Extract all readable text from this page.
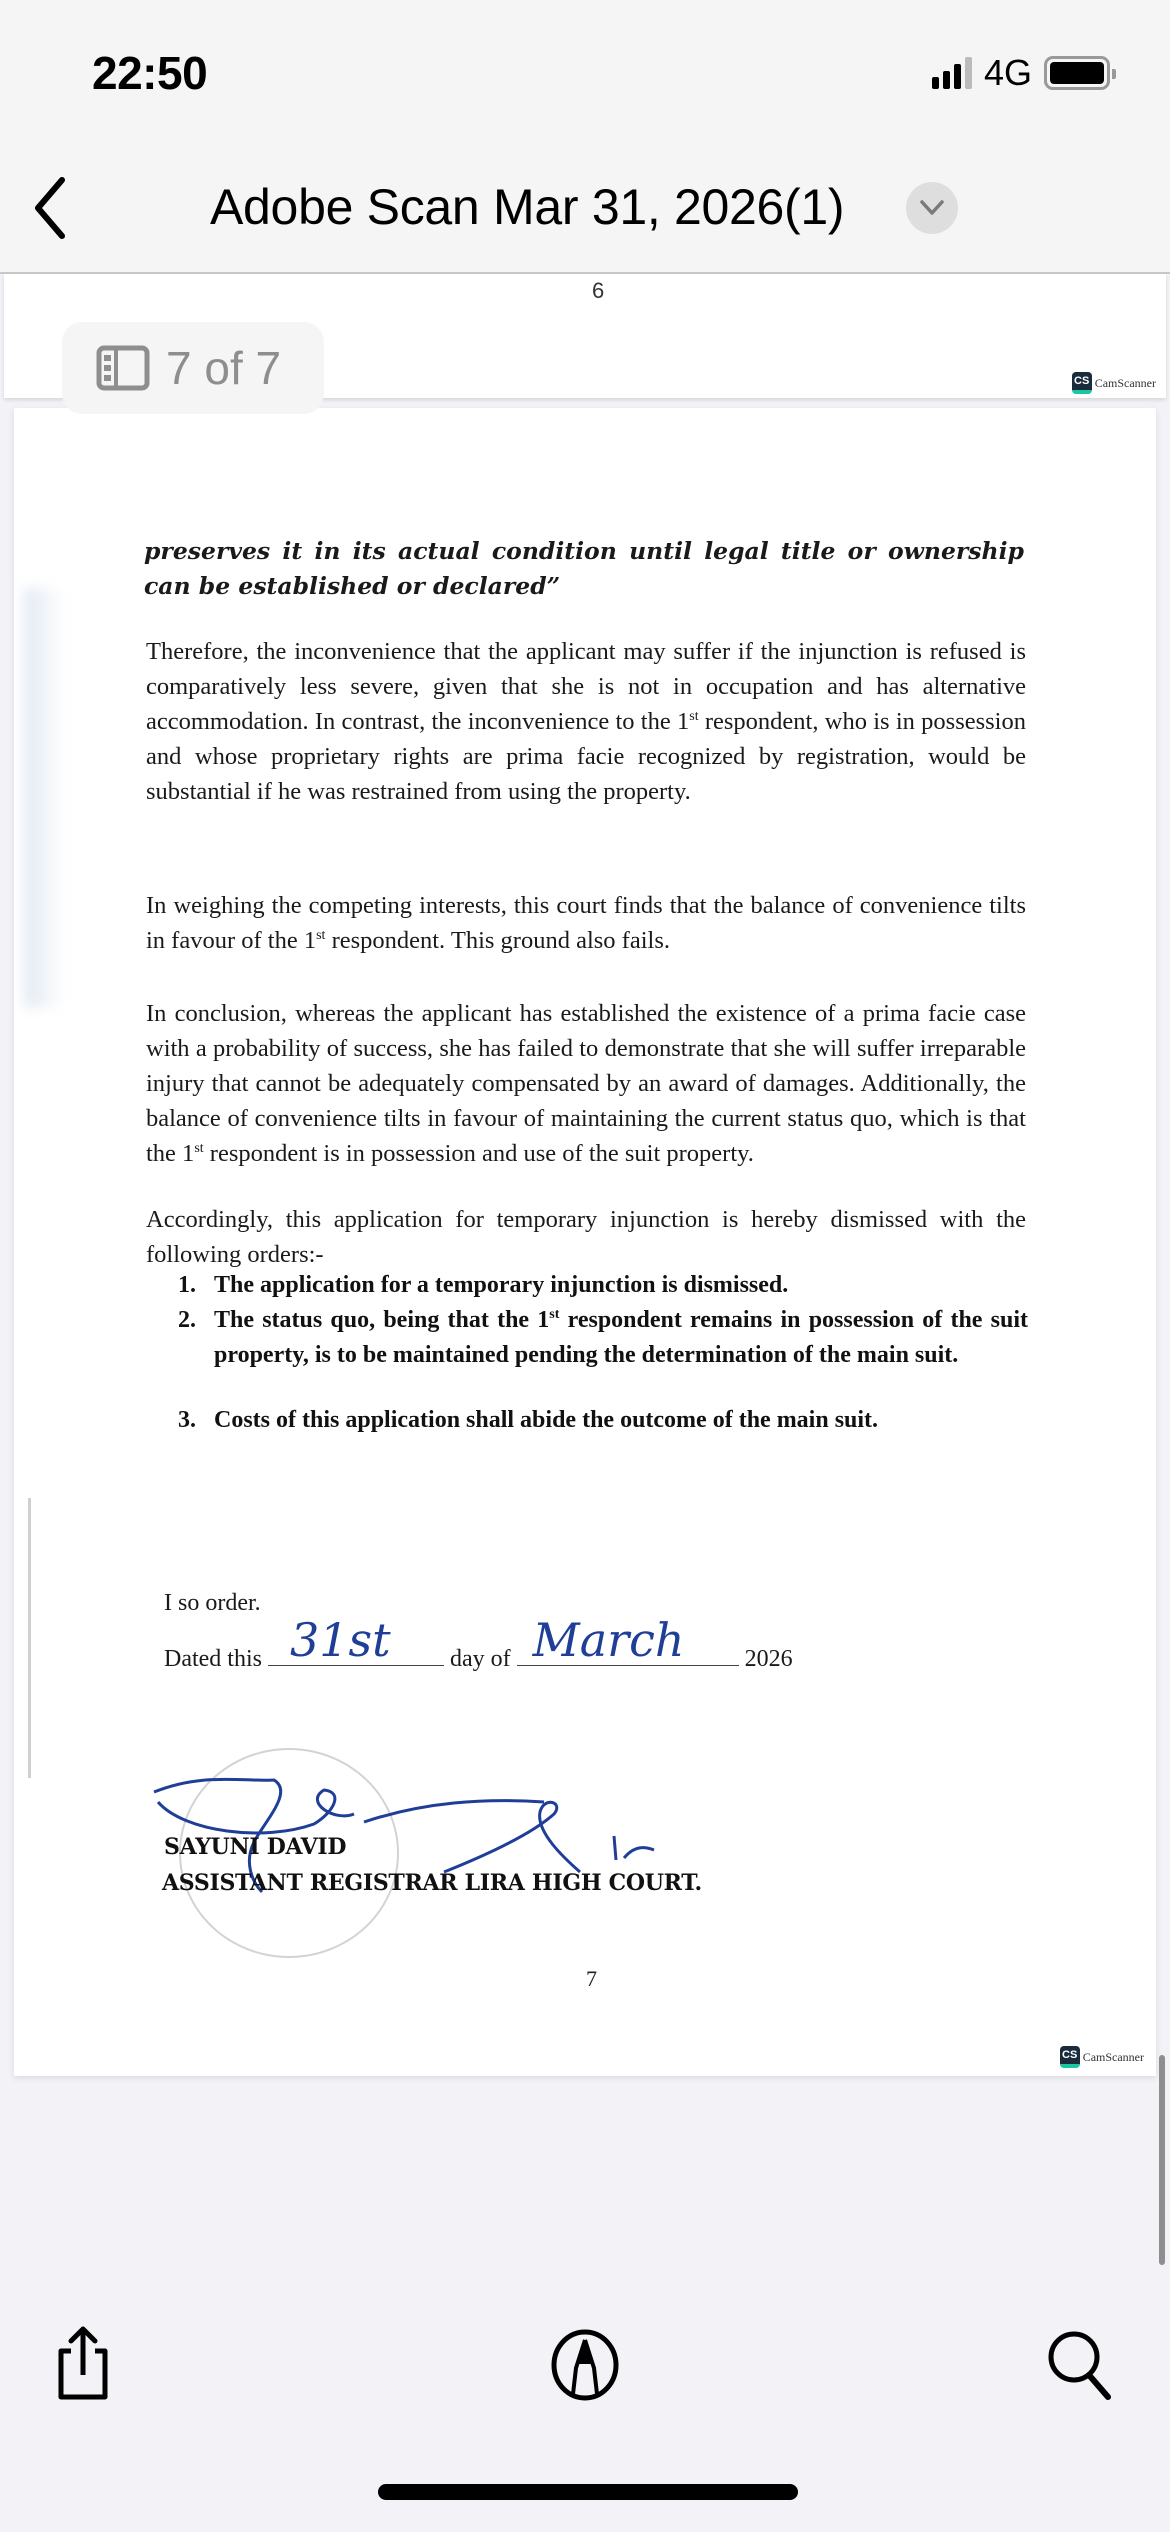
22:50	4G
Adobe Scan Mar 31, 2026(1)
6
CS CamScanner
preserves it in its actual condition until legal title or ownership can be established or declared”
Therefore, the inconvenience that the applicant may suffer if the injunction is refused is comparatively less severe, given that she is not in occupation and has alternative accommodation. In contrast, the inconvenience to the 1st respondent, who is in possession and whose proprietary rights are prima facie recognized by registration, would be substantial if he was restrained from using the property.
In weighing the competing interests, this court finds that the balance of convenience tilts in favour of the 1st respondent. This ground also fails.
In conclusion, whereas the applicant has established the existence of a prima facie case with a probability of success, she has failed to demonstrate that she will suffer irreparable injury that cannot be adequately compensated by an award of damages. Additionally, the balance of convenience tilts in favour of maintaining the current status quo, which is that the 1st respondent is in possession and use of the suit property.
Accordingly, this application for temporary injunction is hereby dismissed with the following orders:-
1. The application for a temporary injunction is dismissed.
2. The status quo, being that the 1st respondent remains in possession of the suit property, is to be maintained pending the determination of the main suit.
3. Costs of this application shall abide the outcome of the main suit.
I so order.
Dated this 31st day of March	2026
SAYUNI DAVID
ASSISTANT REGISTRAR LIRA HIGH COURT.
7
CS CamScanner
7 of 7
